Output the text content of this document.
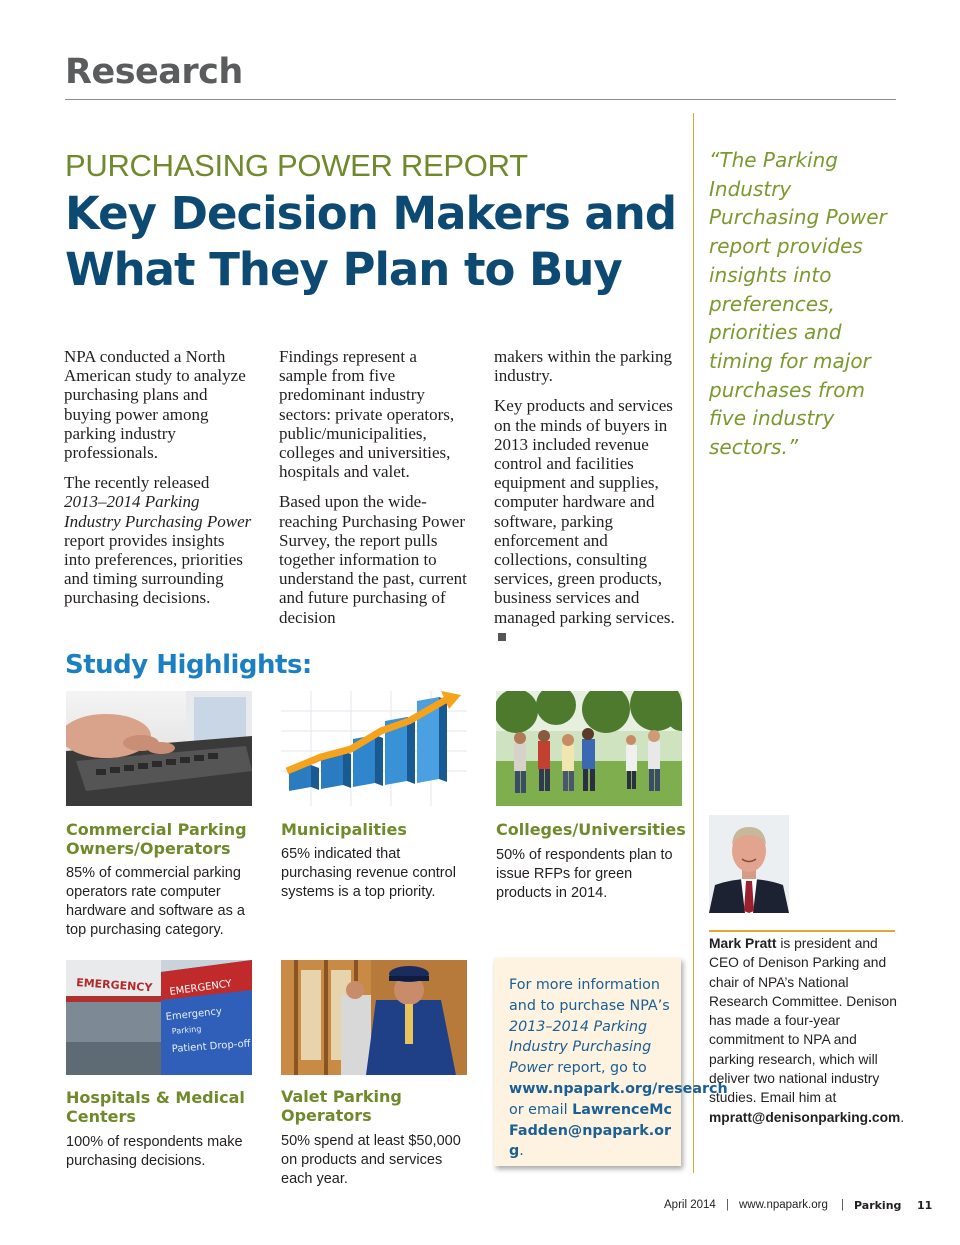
Research
PURCHASING POWER REPORT
Key Decision Makers and What They Plan to Buy

NPA conducted a North American study to analyze purchasing plans and buying power among parking industry professionals.

The recently released 2013–2014 Parking Industry Purchasing Power report provides insights into preferences, priorities and timing surrounding purchasing decisions.

Findings represent a sample from five predominant industry sectors: private operators, public/municipalities, colleges and universities, hospitals and valet.

Based upon the wide-reaching Purchasing Power Survey, the report pulls together information to understand the past, current and future purchasing of decision

makers within the parking industry.

Key products and services on the minds of buyers in 2013 included revenue control and facilities equipment and supplies, computer hardware and software, parking enforcement and collections, consulting services, green products, business services and managed parking services.

“The Parking Industry Purchasing Power report provides insights into preferences, priorities and timing for major purchases from five industry sectors.”
Study Highlights:
Commercial Parking Owners/Operators
85% of commercial parking operators rate computer hardware and software as a top purchasing category.
Municipalities
65% indicated that purchasing revenue control systems is a top priority.
Colleges/Universities
50% of respondents plan to issue RFPs for green products in 2014.
EMERGENCY EMERGENCY
Emergency
Parking
Patient Drop-off
Hospitals & Medical Centers
100% of respondents make purchasing decisions.
Valet Parking Operators
50% spend at least $50,000 on products and services each year.
For more information and to purchase NPA’s 2013–2014 Parking Industry Purchasing Power report, go to www.npapark.org/research or email LawrenceMcFadden@npapark.org.
Mark Pratt is president and CEO of Denison Parking and chair of NPA’s National Research Committee. Denison has made a four-year commitment to NPA and parking research, which will deliver two national industry studies. Email him at mpratt@denisonparking.com.
April 2014 | www.npapark.org | Parking 11
